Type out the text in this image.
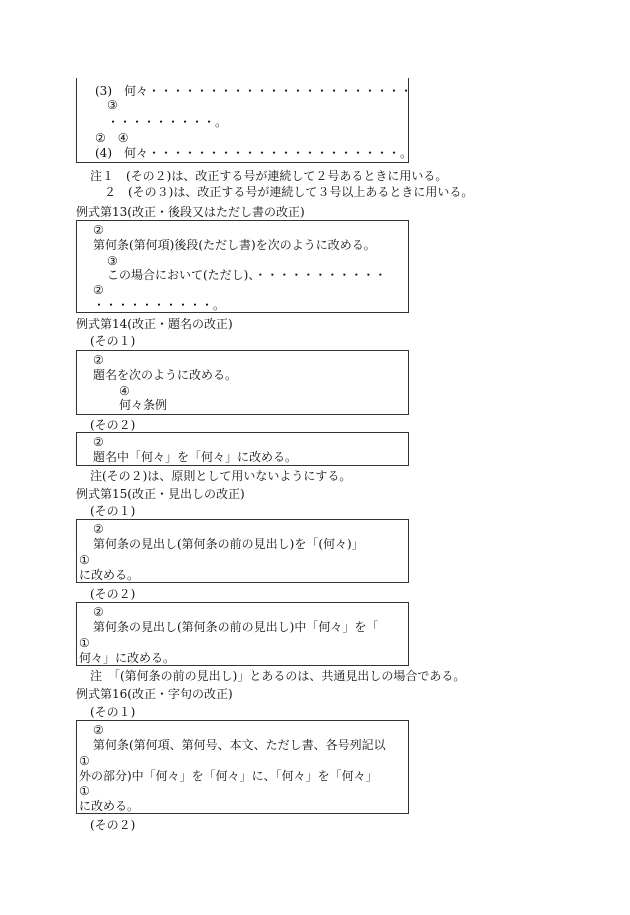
(3)　何々・・・・・・・・・・・・・・・・・・・・・・
③
・・・・・・・・・。
②　④
(4)　何々・・・・・・・・・・・・・・・・・・・・・。
注１　(その２)は、改正する号が連続して２号あるときに用いる。
２　(その３)は、改正する号が連続して３号以上あるときに用いる。
例式第13(改正・後段又はただし書の改正)
②
第何条(第何項)後段(ただし書)を次のように改める。
③
この場合において(ただし)、・・・・・・・・・・・
②
・・・・・・・・・・。
例式第14(改正・題名の改正)
(その１)
②
題名を次のように改める。
④
何々条例
(その２)
②
題名中「何々」を「何々」に改める。
注(その２)は、原則として用いないようにする。
例式第15(改正・見出しの改正)
(その１)
②
第何条の見出し(第何条の前の見出し)を「(何々)」
①
に改める。
(その２)
②
第何条の見出し(第何条の前の見出し)中「何々」を「
①
何々」に改める。
注　「(第何条の前の見出し)」とあるのは、共通見出しの場合である。
例式第16(改正・字句の改正)
(その１)
②
第何条(第何項、第何号、本文、ただし書、各号列記以
①
外の部分)中「何々」を「何々」に、「何々」を「何々」
①
に改める。
(その２)
